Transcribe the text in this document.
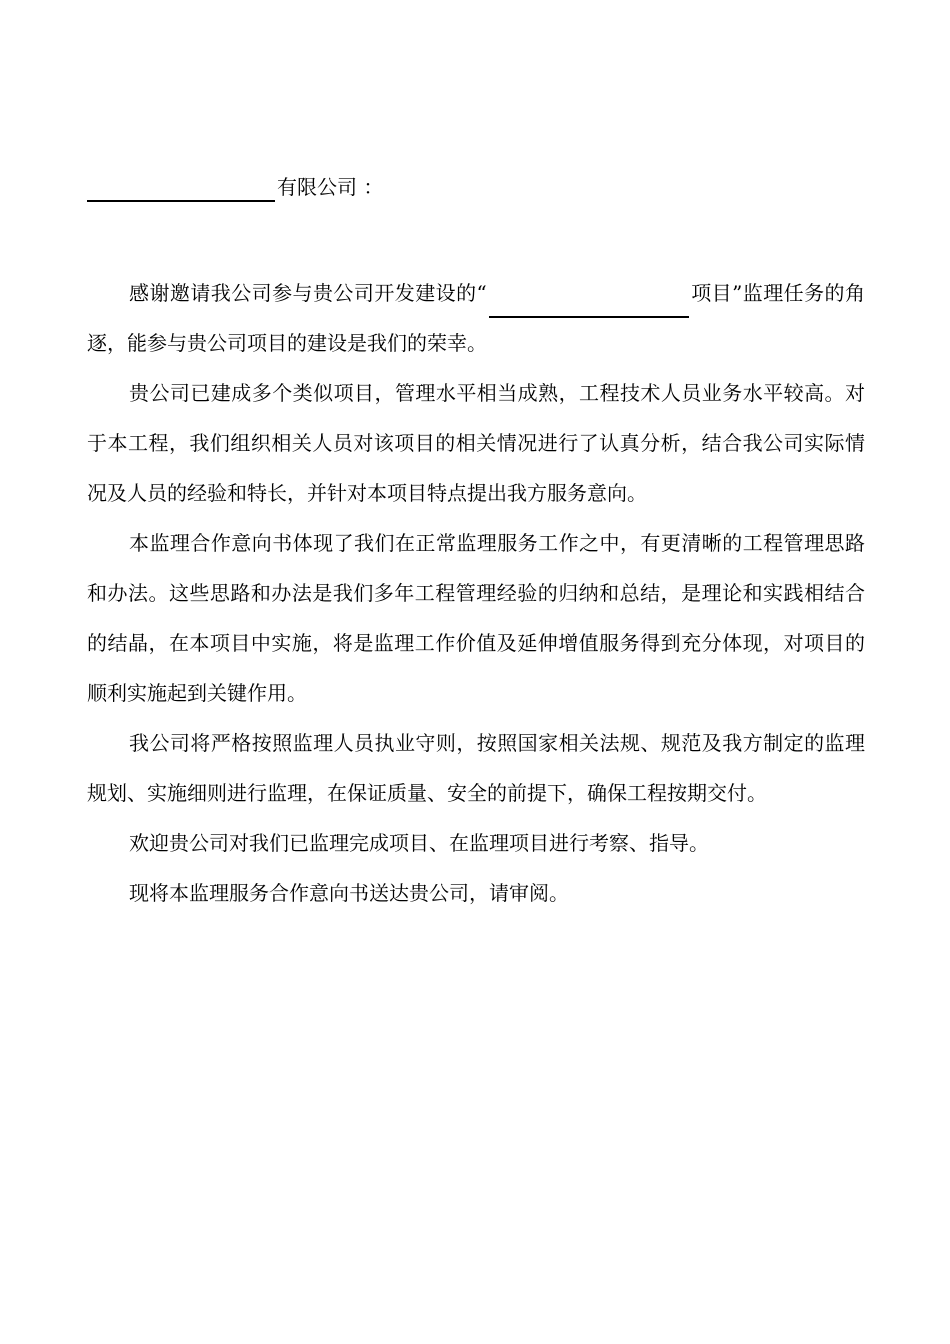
有限公司 ：

感谢邀请我公司参与贵公司开发建设的“	项目”监理任务的角逐，能参与贵公司项目的建设是我们的荣幸。

贵公司已建成多个类似项目，管理水平相当成熟，工程技术人员业务水平较高。对于本工程，我们组织相关人员对该项目的相关情况进行了认真分析，结合我公司实际情况及人员的经验和特长，并针对本项目特点提出我方服务意向。

本监理合作意向书体现了我们在正常监理服务工作之中，有更清晰的工程管理思路和办法。这些思路和办法是我们多年工程管理经验的归纳和总结，是理论和实践相结合的结晶，在本项目中实施，将是监理工作价值及延伸增值服务得到充分体现，对项目的顺利实施起到关键作用。

我公司将严格按照监理人员执业守则，按照国家相关法规、规范及我方制定的监理规划、实施细则进行监理，在保证质量、安全的前提下，确保工程按期交付。

欢迎贵公司对我们已监理完成项目、在监理项目进行考察、指导。

现将本监理服务合作意向书送达贵公司，请审阅。
